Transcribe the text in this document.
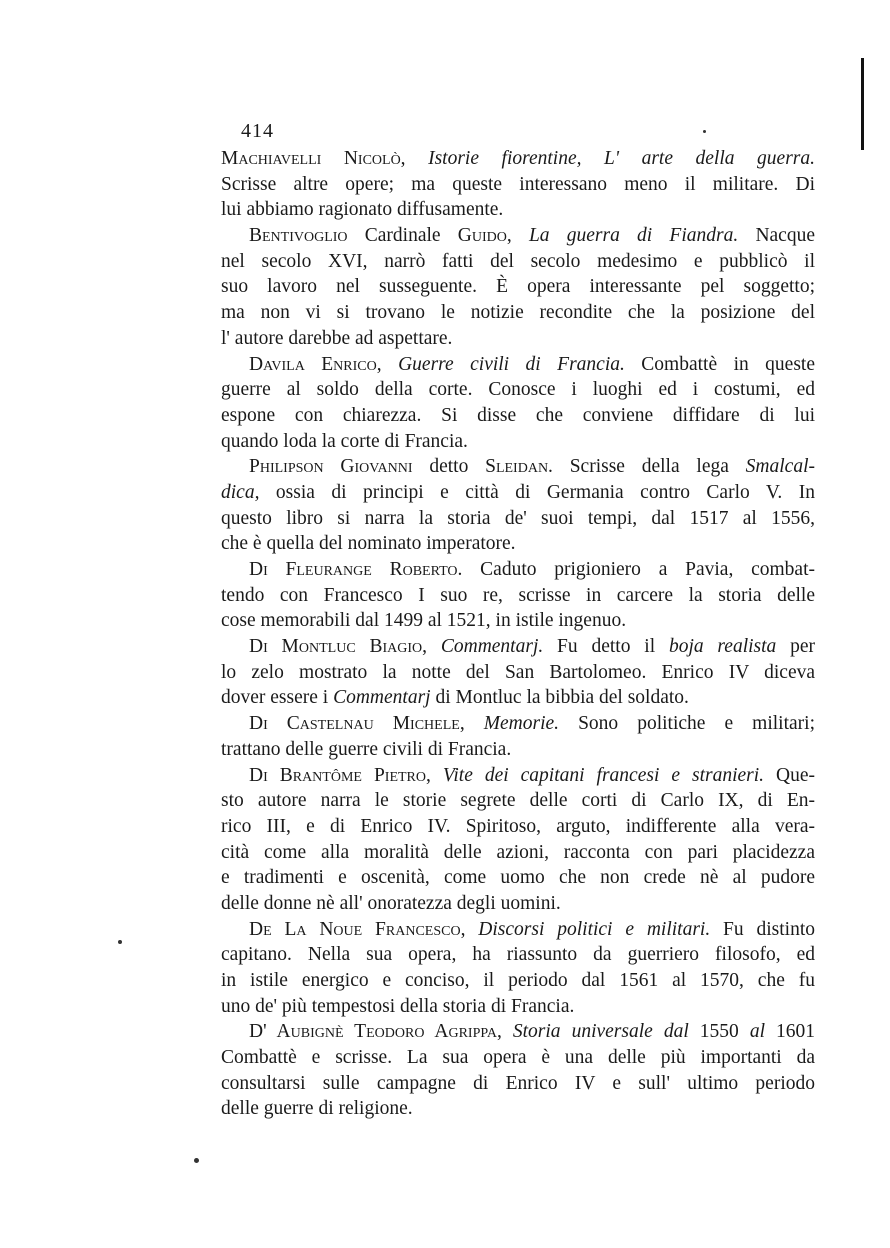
414
Machiavelli Nicolò, Istorie fiorentine, L' arte della guerra.
Scrisse altre opere; ma queste interessano meno il militare. Di
lui abbiamo ragionato diffusamente.
Bentivoglio Cardinale Guido, La guerra di Fiandra. Nacque
nel secolo XVI, narrò fatti del secolo medesimo e pubblicò il
suo lavoro nel susseguente. È opera interessante pel soggetto;
ma non vi si trovano le notizie recondite che la posizione del
l' autore darebbe ad aspettare.
Davila Enrico, Guerre civili di Francia. Combattè in queste
guerre al soldo della corte. Conosce i luoghi ed i costumi, ed
espone con chiarezza. Si disse che conviene diffidare di lui
quando loda la corte di Francia.
Philipson Giovanni detto Sleidan. Scrisse della lega Smalcal-
dica, ossia di principi e città di Germania contro Carlo V. In
questo libro si narra la storia de' suoi tempi, dal 1517 al 1556,
che è quella del nominato imperatore.
Di Fleurange Roberto. Caduto prigioniero a Pavia, combat-
tendo con Francesco I suo re, scrisse in carcere la storia delle
cose memorabili dal 1499 al 1521, in istile ingenuo.
Di Montluc Biagio, Commentarj. Fu detto il boja realista per
lo zelo mostrato la notte del San Bartolomeo. Enrico IV diceva
dover essere i Commentarj di Montluc la bibbia del soldato.
Di Castelnau Michele, Memorie. Sono politiche e militari;
trattano delle guerre civili di Francia.
Di Brantôme Pietro, Vite dei capitani francesi e stranieri. Que-
sto autore narra le storie segrete delle corti di Carlo IX, di En-
rico III, e di Enrico IV. Spiritoso, arguto, indifferente alla vera-
cità come alla moralità delle azioni, racconta con pari placidezza
e tradimenti e oscenità, come uomo che non crede nè al pudore
delle donne nè all' onoratezza degli uomini.
De La Noue Francesco, Discorsi politici e militari. Fu distinto
capitano. Nella sua opera, ha riassunto da guerriero filosofo, ed
in istile energico e conciso, il periodo dal 1561 al 1570, che fu
uno de' più tempestosi della storia di Francia.
D' Aubignè Teodoro Agrippa, Storia universale dal 1550 al 1601
Combattè e scrisse. La sua opera è una delle più importanti da
consultarsi sulle campagne di Enrico IV e sull' ultimo periodo
delle guerre di religione.
